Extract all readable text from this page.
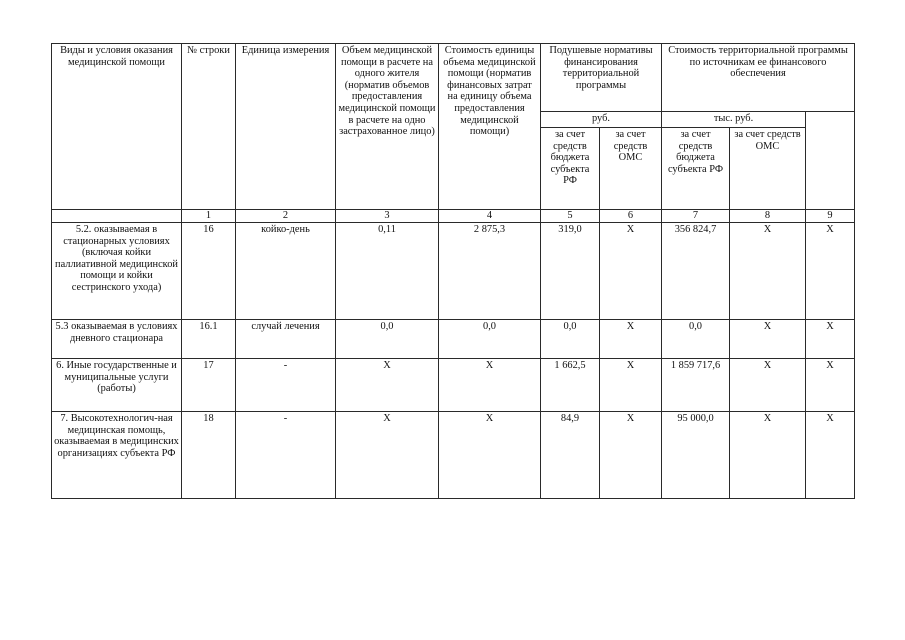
Виды и условия оказания медицинской помощи	№ строки	Единица измерения	Объем медицинской помощи в расчете на одного жителя (норматив объемов предоставления медицинской помощи в расчете на одно застрахованное лицо)	Стоимость единицы объема медицинской помощи (норматив финансовых затрат на единицу объема предоставления медицинской помощи)	Подушевые нормативы финансирования территориальной программы		Стоимость территориальной программы по источникам ее финансового обеспечения		
					руб.		тыс. руб.		
					за счет средств бюджета субъекта РФ	за счет средств ОМС	за счет средств бюджета субъекта РФ	за счет средств ОМС	
	1	2	3	4	5	6	7	8	9
5.2. оказываемая в стационарных условиях (включая койки паллиативной медицинской помощи и койки сестринского ухода)	16	койко-день	0,11	2 875,3	319,0	Х	356 824,7	Х	Х
5.3 оказываемая в условиях дневного стационара	16.1	случай лечения	0,0	0,0	0,0	Х	0,0	Х	Х
6. Иные государственные и муниципальные услуги (работы)	17	-	Х	Х	1 662,5	Х	1 859 717,6	Х	Х
7. Высокотехнологич-ная медицинская помощь, оказываемая в медицинских организациях субъекта РФ	18	-	Х	Х	84,9	Х	95 000,0	Х	Х
